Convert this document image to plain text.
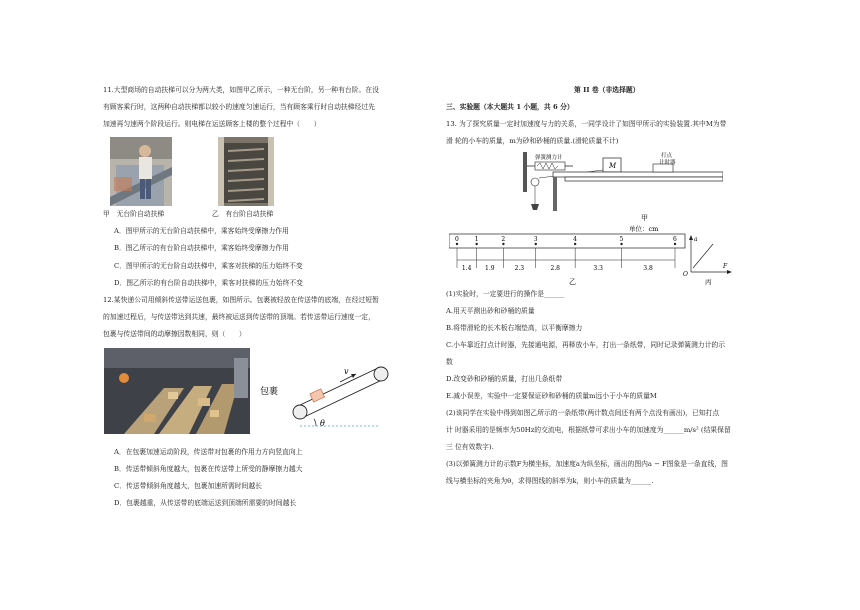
11.大型商场的自动扶梯可以分为两大类，如图甲乙所示，一种无台阶，另一种有台阶。在没
有顾客乘行时，这两种自动扶梯都以较小的速度匀速运行，当有顾客乘行时自动扶梯经过先
加速再匀速两个阶段运行。则电梯在运送顾客上楼的整个过程中（　　）
甲　无台阶自动扶梯	乙　有台阶自动扶梯
A．图甲所示的无台阶自动扶梯中，乘客始终受摩擦力作用
B．图乙所示的有台阶自动扶梯中，乘客始终受摩擦力作用
C．图甲所示的无台阶自动扶梯中，乘客对扶梯的压力始终不变
D．图乙所示的有台阶自动扶梯中，乘客对扶梯的压力始终不变
12.某快递公司用倾斜传送带运送包裹，如图所示。包裹被轻放在传送带的底端，在经过短暂
的加速过程后，与传送带达到共速，最终被运送到传送带的顶端。若传送带运行速度一定，
包裹与传送带间的动摩擦因数相同，则（　　）
包裹
v
θ
A．在包裹加速运动阶段，传送带对包裹的作用力方向竖直向上
B．传送带倾斜角度越大，包裹在传送带上所受的静摩擦力越大
C．传送带倾斜角度越大，包裹加速所需时间越长
D．包裹越重，从传送带的底端运送到顶端所需要的时间越长
第 II 卷（非选择题）
三、实验题（本大题共 1 小题，共 6 分）
13. 为了探究质量一定时加速度与力的关系，一同学设计了如图甲所示的实验装置.其中M为带
滑 轮的小车的质量，m为砂和砂桶的质量.(滑轮质量不计)
弹簧测力计
M
打点
计时器
甲
单位：cm
0	1	2	3	4	5	6
1.4 1.9	2.3	2.8	3.3	3.8
乙
a
F
O
丙
(1)实验时，一定要进行的操作是______
A.用天平测出砂和砂桶的质量
B.将带滑轮的长木板右端垫高，以平衡摩擦力
C.小车靠近打点计时器，先接通电源，再释放小车，打出一条纸带，同时记录弹簧测力计的示
数
D.改变砂和砂桶的质量，打出几条纸带
E.减小误差，实验中一定要保证砂和砂桶的质量m远小于小车的质量M
(2)该同学在实验中得到如图乙所示的一条纸带(两计数点间还有两个点没有画出)，已知打点
计 时器采用的是频率为50Hz的交流电，根据纸带可求出小车的加速度为______m/s² (结果保留
三 位有效数字).
(3)以弹簧测力计的示数F为横坐标，加速度a为纵坐标，画出的图内a − F图象是一条直线，图
线与横坐标的夹角为θ，求得图线的斜率为k，则小车的质量为______.
